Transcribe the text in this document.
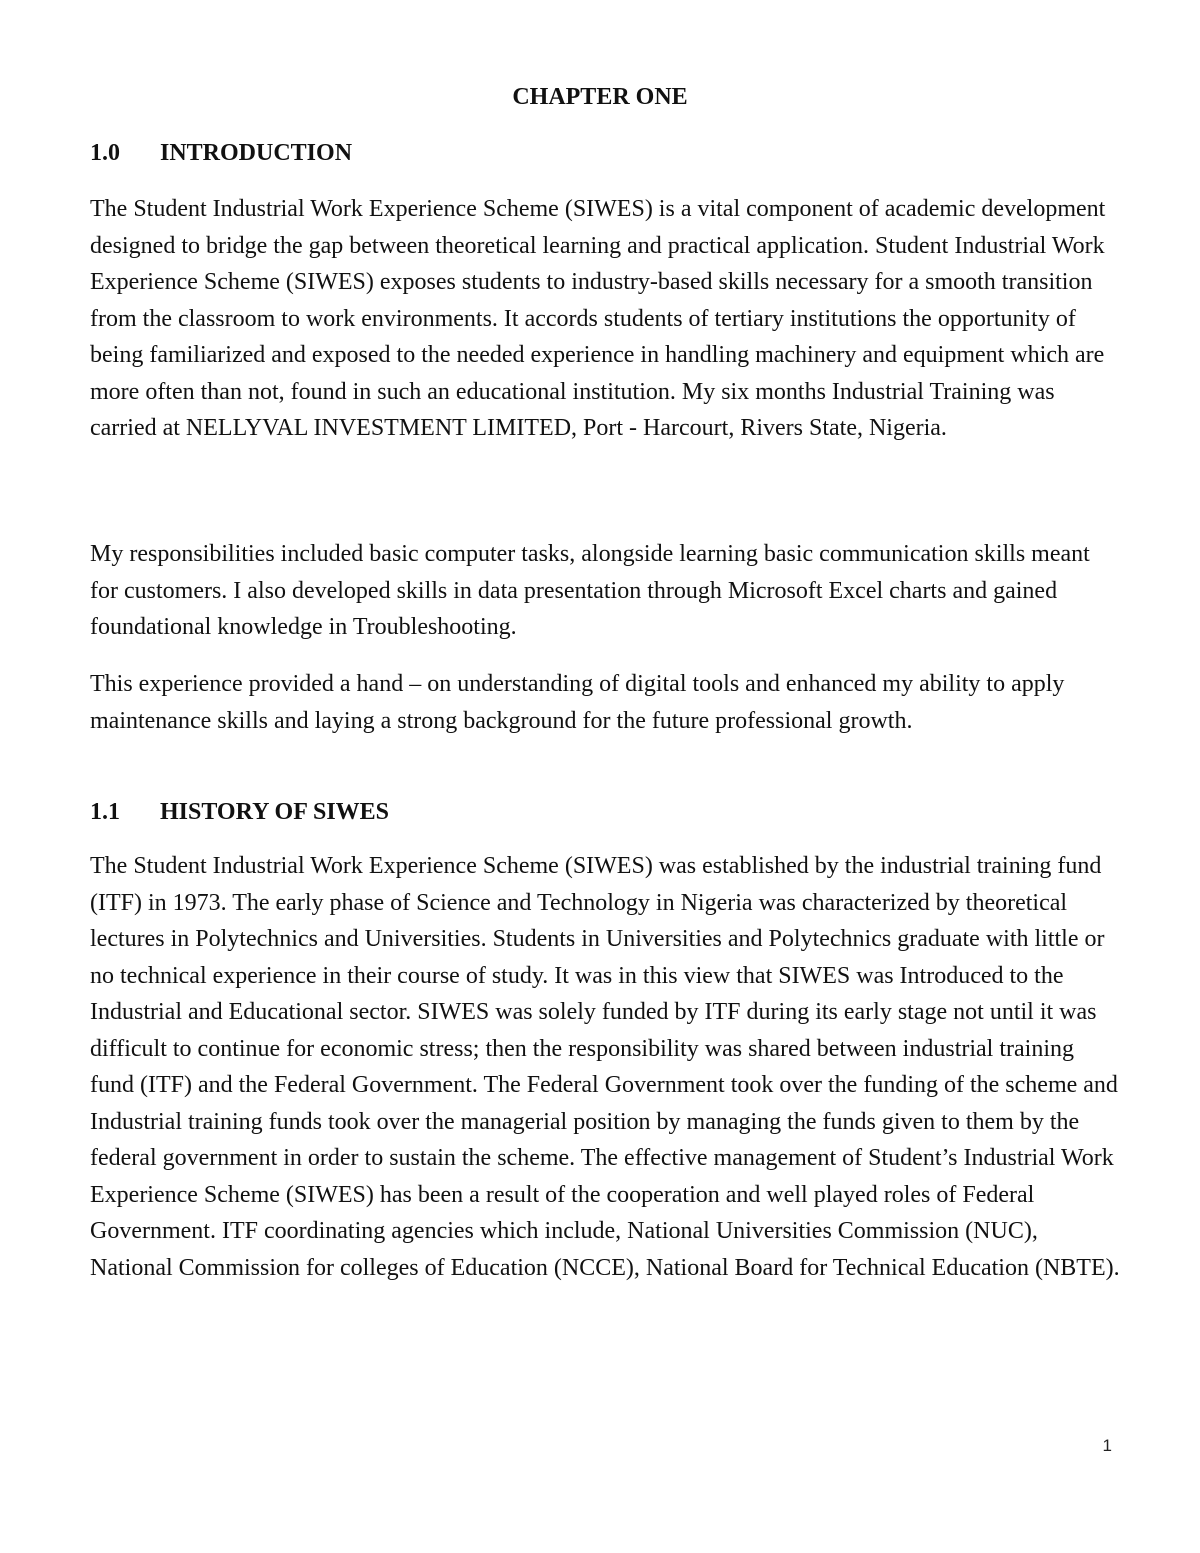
CHAPTER ONE
1.0 INTRODUCTION

The Student Industrial Work Experience Scheme (SIWES) is a vital component of academic development designed to bridge the gap between theoretical learning and practical application. Student Industrial Work Experience Scheme (SIWES) exposes students to industry-based skills necessary for a smooth transition from the classroom to work environments. It accords students of tertiary institutions the opportunity of being familiarized and exposed to the needed experience in handling machinery and equipment which are more often than not, found in such an educational institution. My six months Industrial Training was carried at NELLYVAL INVESTMENT LIMITED, Port - Harcourt, Rivers State, Nigeria.

My responsibilities included basic computer tasks, alongside learning basic communication skills meant for customers. I also developed skills in data presentation through Microsoft Excel charts and gained foundational knowledge in Troubleshooting.

This experience provided a hand – on understanding of digital tools and enhanced my ability to apply maintenance skills and laying a strong background for the future professional growth.

1.1 HISTORY OF SIWES

The Student Industrial Work Experience Scheme (SIWES) was established by the industrial training fund (ITF) in 1973. The early phase of Science and Technology in Nigeria was characterized by theoretical lectures in Polytechnics and Universities. Students in Universities and Polytechnics graduate with little or no technical experience in their course of study. It was in this view that SIWES was Introduced to the Industrial and Educational sector. SIWES was solely funded by ITF during its early stage not until it was difficult to continue for economic stress; then the responsibility was shared between industrial training fund (ITF) and the Federal Government. The Federal Government took over the funding of the scheme and Industrial training funds took over the managerial position by managing the funds given to them by the federal government in order to sustain the scheme. The effective management of Student’s Industrial Work Experience Scheme (SIWES) has been a result of the cooperation and well played roles of Federal Government. ITF coordinating agencies which include, National Universities Commission (NUC), National Commission for colleges of Education (NCCE), National Board for Technical Education (NBTE).

1
